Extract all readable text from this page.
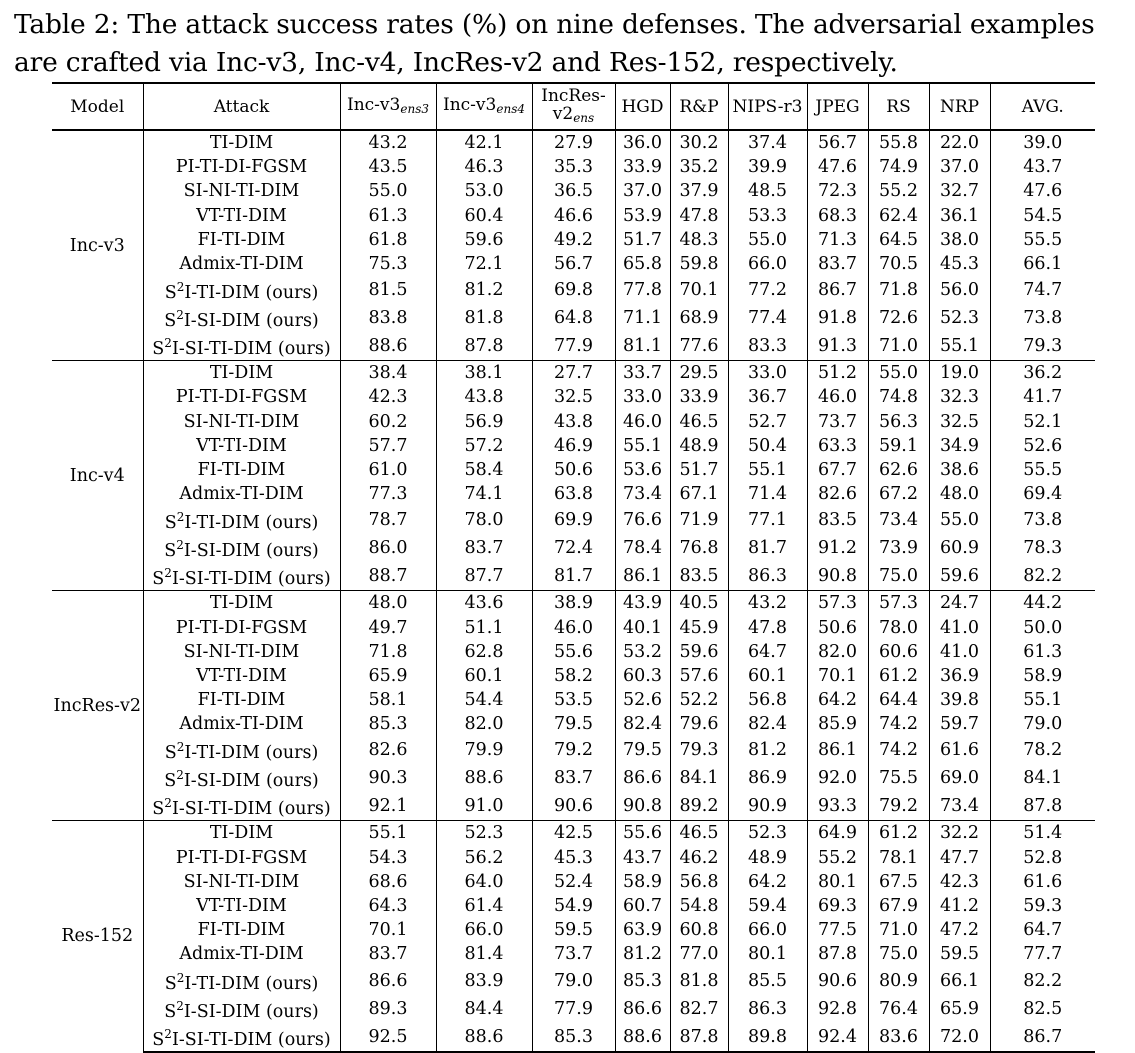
Table 2: The attack success rates (%) on nine defenses. The adversarial examples
are crafted via Inc-v3, Inc-v4, IncRes-v2 and Res-152, respectively.
Model	Attack	Inc-$v3_{ens3}$	Inc-$v3_{ens4}$	IncRes-
$v2_{ens}$	HGD	R&P	NIPS-r3	JPEG	RS	NRP	AVG.
Inc-v3	TI-DIM	43.2	42.1	27.9	36.0	30.2	37.4	56.7	55.8	22.0	39.0
	PI-TI-DI-FGSM	43.5	46.3	35.3	33.9	35.2	39.9	47.6	74.9	37.0	43.7
	SI-NI-TI-DIM	55.0	53.0	36.5	37.0	37.9	48.5	72.3	55.2	32.7	47.6
	VT-TI-DIM	61.3	60.4	46.6	53.9	47.8	53.3	68.3	62.4	36.1	54.5
	FI-TI-DIM	61.8	59.6	49.2	51.7	48.3	55.0	71.3	64.5	38.0	55.5
	Admix-TI-DIM	75.3	72.1	56.7	65.8	59.8	66.0	83.7	70.5	45.3	66.1
	$S^2I-TI$-DIM (ours)	81.5	81.2	69.8	77.8	70.1	77.2	86.7	71.8	56.0	74.7
	$S^2I-SI$-DIM (ours)	83.8	81.8	64.8	71.1	68.9	77.4	91.8	72.6	52.3	73.8
	$S^2I-SI-TI$-DIM (ours)	88.6	87.8	77.9	81.1	77.6	83.3	91.3	71.0	55.1	79.3
Inc-v4	TI-DIM	38.4	38.1	27.7	33.7	29.5	33.0	51.2	55.0	19.0	36.2
	PI-TI-DI-FGSM	42.3	43.8	32.5	33.0	33.9	36.7	46.0	74.8	32.3	41.7
	SI-NI-TI-DIM	60.2	56.9	43.8	46.0	46.5	52.7	73.7	56.3	32.5	52.1
	VT-TI-DIM	57.7	57.2	46.9	55.1	48.9	50.4	63.3	59.1	34.9	52.6
	FI-TI-DIM	61.0	58.4	50.6	53.6	51.7	55.1	67.7	62.6	38.6	55.5
	Admix-TI-DIM	77.3	74.1	63.8	73.4	67.1	71.4	82.6	67.2	48.0	69.4
	$S^2I-TI$-DIM (ours)	78.7	78.0	69.9	76.6	71.9	77.1	83.5	73.4	55.0	73.8
	$S^2I-SI$-DIM (ours)	86.0	83.7	72.4	78.4	76.8	81.7	91.2	73.9	60.9	78.3
	$S^2I-SI-TI$-DIM (ours)	88.7	87.7	81.7	86.1	83.5	86.3	90.8	75.0	59.6	82.2
IncRes-v2	TI-DIM	48.0	43.6	38.9	43.9	40.5	43.2	57.3	57.3	24.7	44.2
	PI-TI-DI-FGSM	49.7	51.1	46.0	40.1	45.9	47.8	50.6	78.0	41.0	50.0
	SI-NI-TI-DIM	71.8	62.8	55.6	53.2	59.6	64.7	82.0	60.6	41.0	61.3
	VT-TI-DIM	65.9	60.1	58.2	60.3	57.6	60.1	70.1	61.2	36.9	58.9
	FI-TI-DIM	58.1	54.4	53.5	52.6	52.2	56.8	64.2	64.4	39.8	55.1
	Admix-TI-DIM	85.3	82.0	79.5	82.4	79.6	82.4	85.9	74.2	59.7	79.0
	$S^2I-TI$-DIM (ours)	82.6	79.9	79.2	79.5	79.3	81.2	86.1	74.2	61.6	78.2
	$S^2I-SI$-DIM (ours)	90.3	88.6	83.7	86.6	84.1	86.9	92.0	75.5	69.0	84.1
	$S^2I-SI-TI$-DIM (ours)	92.1	91.0	90.6	90.8	89.2	90.9	93.3	79.2	73.4	87.8
Res-152	TI-DIM	55.1	52.3	42.5	55.6	46.5	52.3	64.9	61.2	32.2	51.4
	PI-TI-DI-FGSM	54.3	56.2	45.3	43.7	46.2	48.9	55.2	78.1	47.7	52.8
	SI-NI-TI-DIM	68.6	64.0	52.4	58.9	56.8	64.2	80.1	67.5	42.3	61.6
	VT-TI-DIM	64.3	61.4	54.9	60.7	54.8	59.4	69.3	67.9	41.2	59.3
	FI-TI-DIM	70.1	66.0	59.5	63.9	60.8	66.0	77.5	71.0	47.2	64.7
	Admix-TI-DIM	83.7	81.4	73.7	81.2	77.0	80.1	87.8	75.0	59.5	77.7
	$S^2I-TI$-DIM (ours)	86.6	83.9	79.0	85.3	81.8	85.5	90.6	80.9	66.1	82.2
	$S^2I-SI$-DIM (ours)	89.3	84.4	77.9	86.6	82.7	86.3	92.8	76.4	65.9	82.5
	$S^2I-SI-TI$-DIM (ours)	92.5	88.6	85.3	88.6	87.8	89.8	92.4	83.6	72.0	86.7
